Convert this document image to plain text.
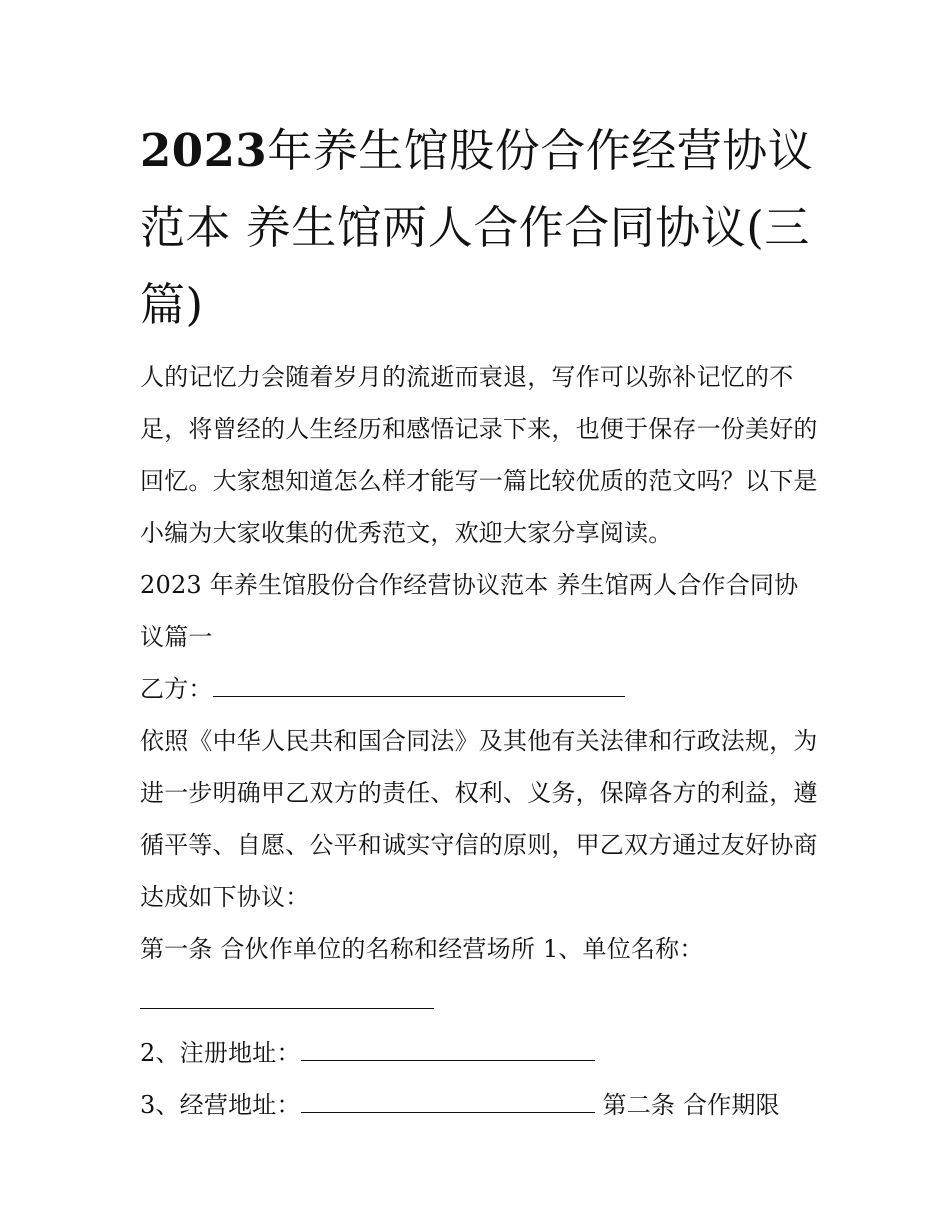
2023年养生馆股份合作经营协议范本 养生馆两人合作合同协议(三篇)

人的记忆力会随着岁月的流逝而衰退，写作可以弥补记忆的不足，将曾经的人生经历和感悟记录下来，也便于保存一份美好的回忆。大家想知道怎么样才能写一篇比较优质的范文吗？以下是小编为大家收集的优秀范文，欢迎大家分享阅读。

2023 年养生馆股份合作经营协议范本 养生馆两人合作合同协议篇一

乙方：

依照《中华人民共和国合同法》及其他有关法律和行政法规，为进一步明确甲乙双方的责任、权利、义务，保障各方的利益，遵循平等、自愿、公平和诚实守信的原则，甲乙双方通过友好协商达成如下协议：

第一条 合伙作单位的名称和经营场所 1、单位名称：

2、注册地址：

3、经营地址：	第二条 合作期限
